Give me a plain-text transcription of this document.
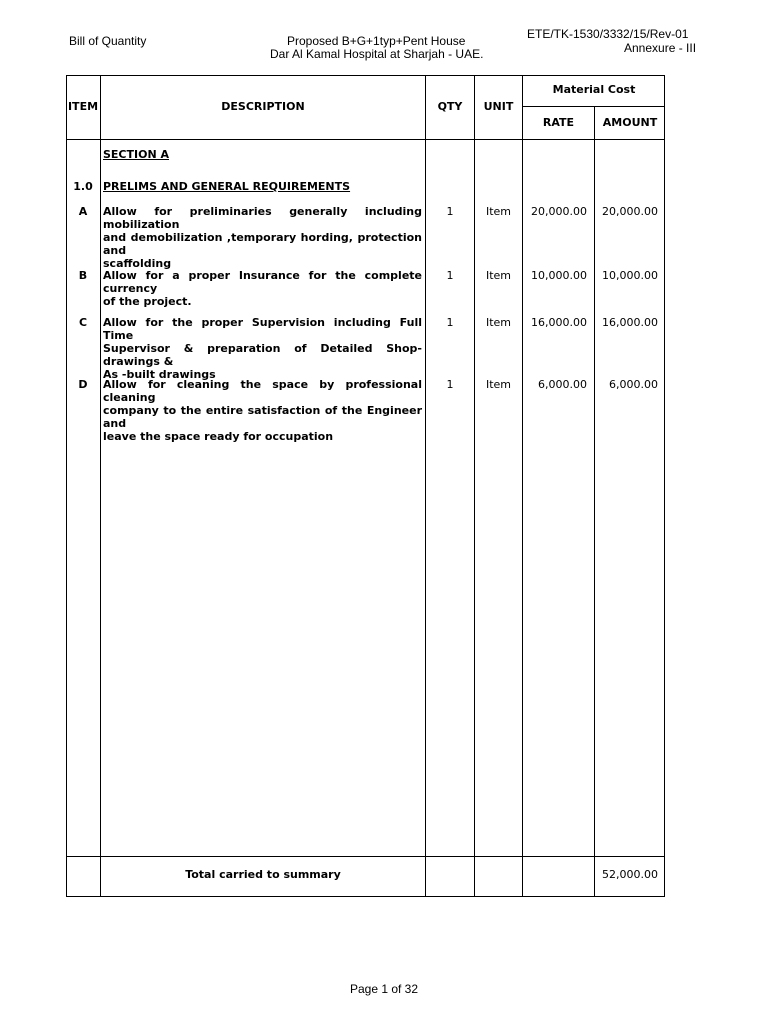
Bill of Quantity	Proposed B+G+1typ+Pent House
Dar Al Kamal Hospital at Sharjah - UAE.
ETE/TK-1530/3332/15/Rev-01
Annexure - III
ITEM	DESCRIPTION	QTY	UNIT
Material Cost
RATE	AMOUNT
SECTION A
1.0 PRELIMS AND GENERAL REQUIREMENTS
A	Allow for preliminaries generally including mobilization
and demobilization ,temporary hording, protection and
scaffolding
1	Item	20,000.00	20,000.00
B	Allow for a proper Insurance for the complete currency
of the project.
1	Item	10,000.00	10,000.00
C	Allow for the proper Supervision including Full Time
Supervisor & preparation of Detailed Shop-drawings &
As -built drawings
1	Item	16,000.00	16,000.00
D	Allow for cleaning the space by professional cleaning
company to the entire satisfaction of the Engineer and
leave the space ready for occupation
1	Item	6,000.00	6,000.00
Total carried to summary	52,000.00
Page 1 of 32
